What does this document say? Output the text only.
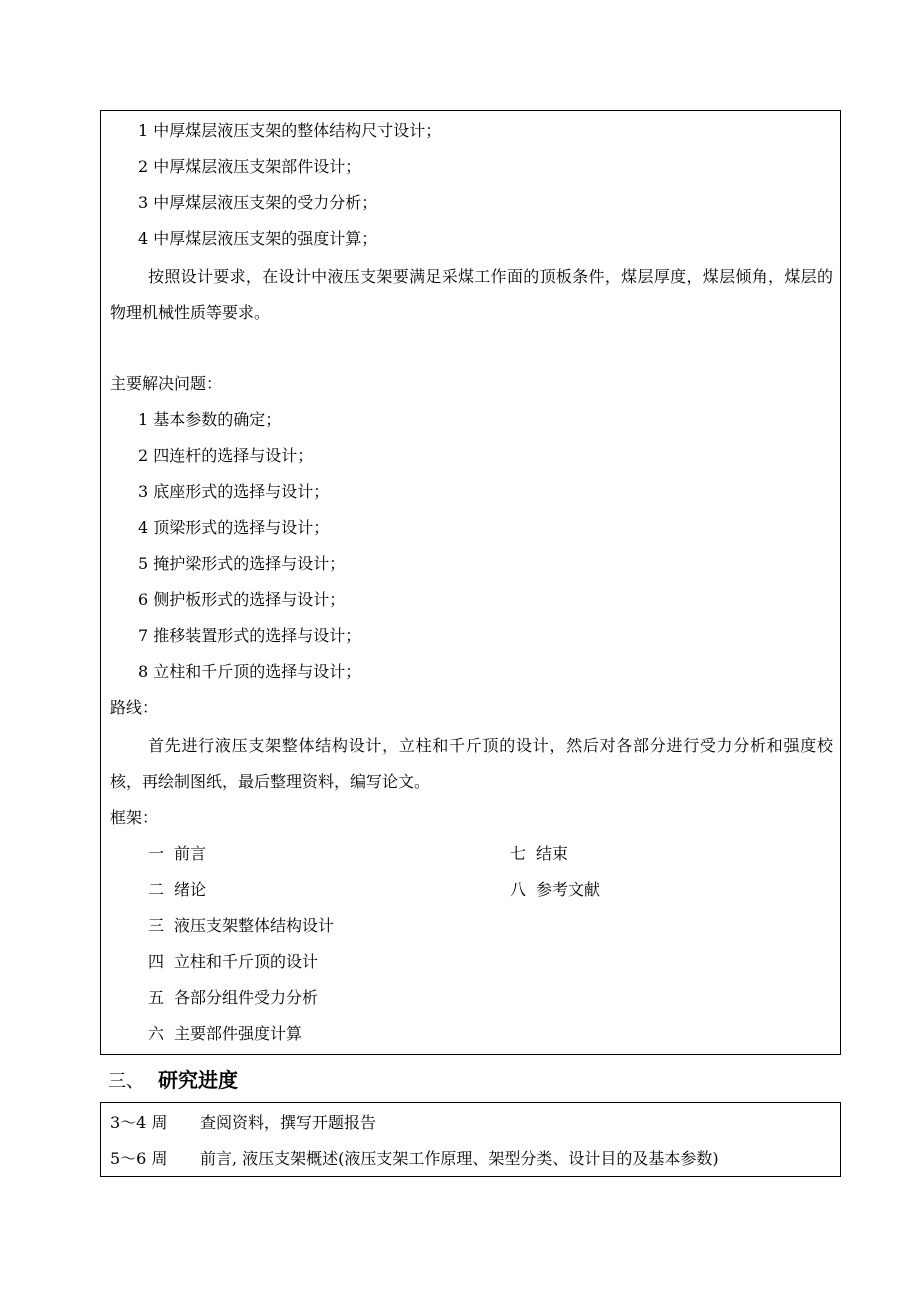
1 中厚煤层液压支架的整体结构尺寸设计；
2 中厚煤层液压支架部件设计；
3 中厚煤层液压支架的受力分析；
4 中厚煤层液压支架的强度计算；
按照设计要求，在设计中液压支架要满足采煤工作面的顶板条件，煤层厚度，煤层倾角，煤层的物理机械性质等要求。
主要解决问题：
1 基本参数的确定；
2 四连杆的选择与设计；
3 底座形式的选择与设计；
4 顶梁形式的选择与设计；
5 掩护梁形式的选择与设计；
6 侧护板形式的选择与设计；
7 推移装置形式的选择与设计；
8 立柱和千斤顶的选择与设计；
路线：
首先进行液压支架整体结构设计，立柱和千斤顶的设计，然后对各部分进行受力分析和强度校核，再绘制图纸，最后整理资料，编写论文。
框架：
一 前言
二 绪论
三 液压支架整体结构设计
四 立柱和千斤顶的设计
五 各部分组件受力分析
六 主要部件强度计算
七 结束
八 参考文献
三、 研究进度
3～4 周 查阅资料，撰写开题报告
5～6 周 前言, 液压支架概述(液压支架工作原理、架型分类、设计目的及基本参数)
